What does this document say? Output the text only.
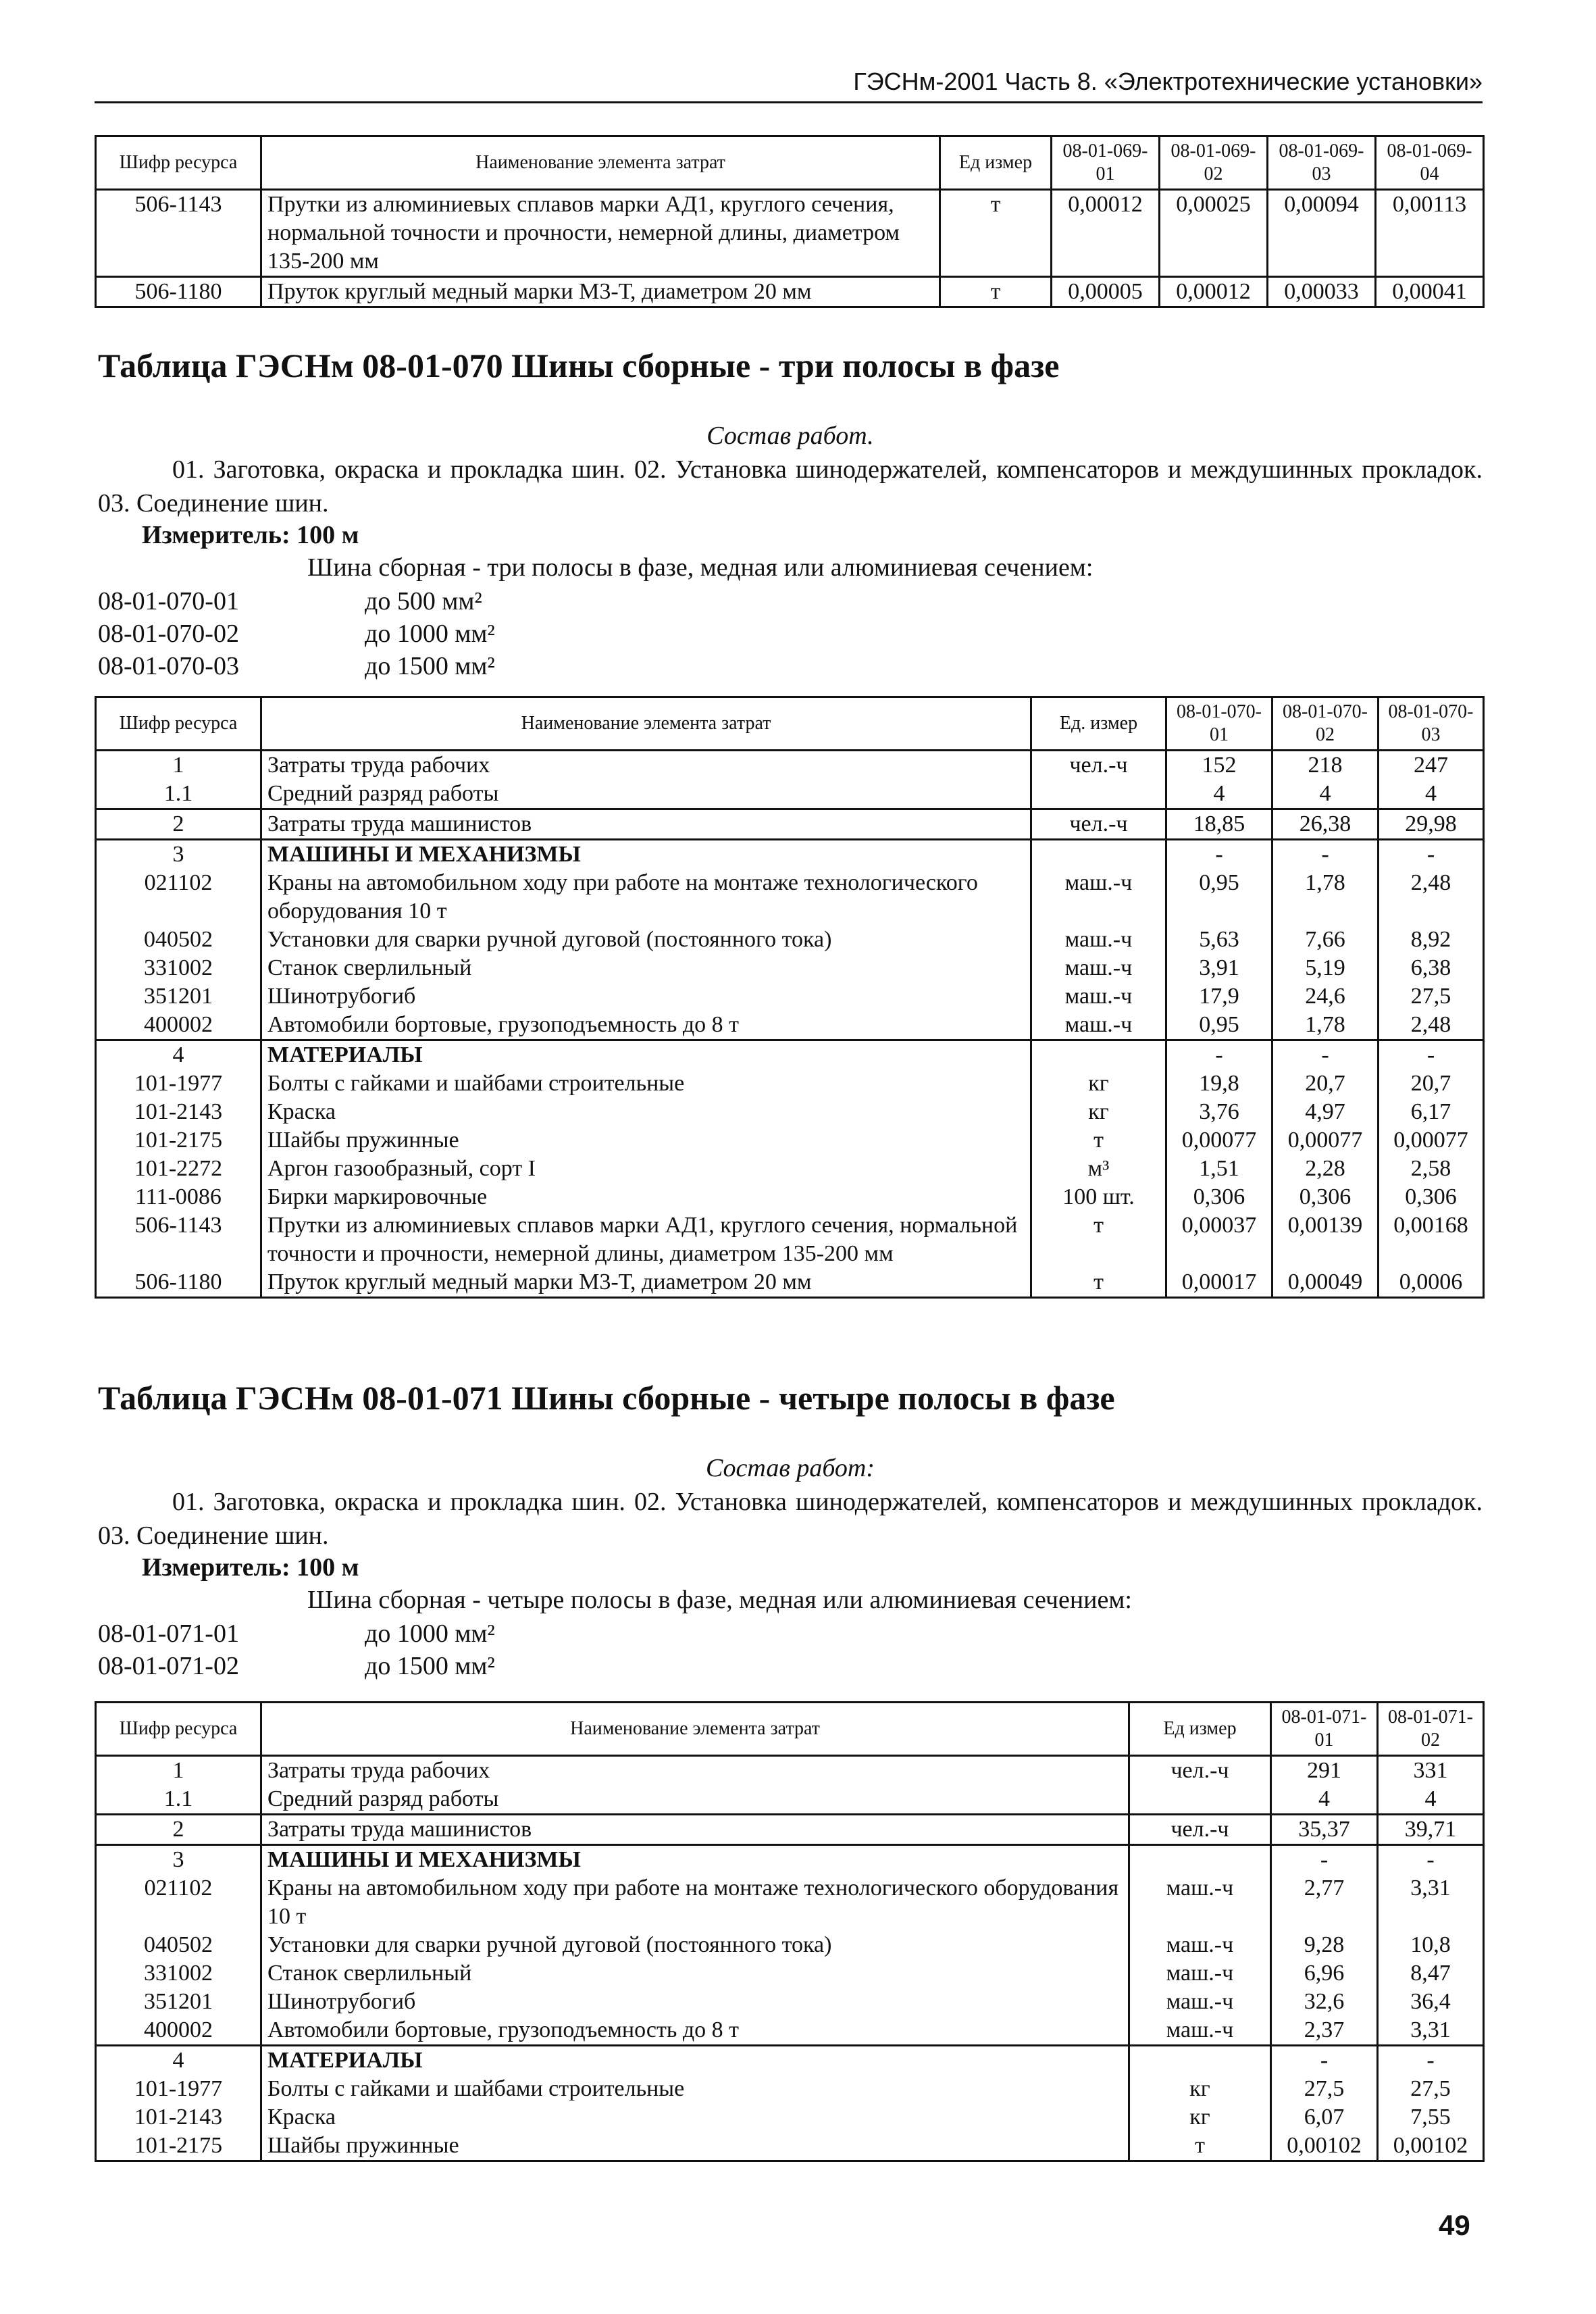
ГЭСНм-2001 Часть 8. «Электротехнические установки»
Шифр ресурса	Наименование элемента затрат	Ед измер	08-01-069-01	08-01-069-02	08-01-069-03	08-01-069-04
506-1143	Прутки из алюминиевых сплавов марки АД1, круглого сечения, нормальной точности и прочности, немерной длины, диаметром 135-200 мм	т	0,00012	0,00025	0,00094	0,00113
506-1180	Пруток круглый медный марки М3-Т, диаметром 20 мм	т	0,00005	0,00012	0,00033	0,00041
Таблица ГЭСНм 08-01-070 Шины сборные - три полосы в фазе
Состав работ.
01. Заготовка, окраска и прокладка шин. 02. Установка шинодержателей, компенсаторов и междушинных прокладок. 03. Соединение шин.
Измеритель: 100 м
Шина сборная - три полосы в фазе, медная или алюминиевая сечением:
08-01-070-01	до 500 мм²
08-01-070-02	до 1000 мм²
08-01-070-03	до 1500 мм²
Шифр ресурса	Наименование элемента затрат	Ед. измер	08-01-070-01	08-01-070-02	08-01-070-03
1	Затраты труда рабочих	чел.-ч	152	218	247
1.1	Средний разряд работы		4	4	4
2	Затраты труда машинистов	чел.-ч	18,85	26,38	29,98
3	МАШИНЫ И МЕХАНИЗМЫ		-	-	-
021102	Краны на автомобильном ходу при работе на монтаже технологического оборудования 10 т	маш.-ч	0,95	1,78	2,48
040502	Установки для сварки ручной дуговой (постоянного тока)	маш.-ч	5,63	7,66	8,92
331002	Станок сверлильный	маш.-ч	3,91	5,19	6,38
351201	Шинотрубогиб	маш.-ч	17,9	24,6	27,5
400002	Автомобили бортовые, грузоподъемность до 8 т	маш.-ч	0,95	1,78	2,48
4	МАТЕРИАЛЫ		-	-	-
101-1977	Болты с гайками и шайбами строительные	кг	19,8	20,7	20,7
101-2143	Краска	кг	3,76	4,97	6,17
101-2175	Шайбы пружинные	т	0,00077	0,00077	0,00077
101-2272	Аргон газообразный, сорт I	м³	1,51	2,28	2,58
111-0086	Бирки маркировочные	100 шт.	0,306	0,306	0,306
506-1143	Прутки из алюминиевых сплавов марки АД1, круглого сечения, нормальной точности и прочности, немерной длины, диаметром 135-200 мм	т	0,00037	0,00139	0,00168
506-1180	Пруток круглый медный марки М3-Т, диаметром 20 мм	т	0,00017	0,00049	0,0006
Таблица ГЭСНм 08-01-071 Шины сборные - четыре полосы в фазе
Состав работ:
01. Заготовка, окраска и прокладка шин. 02. Установка шинодержателей, компенсаторов и междушинных прокладок. 03. Соединение шин.
Измеритель: 100 м
Шина сборная - четыре полосы в фазе, медная или алюминиевая сечением:
08-01-071-01	до 1000 мм²
08-01-071-02	до 1500 мм²
Шифр ресурса	Наименование элемента затрат	Ед измер	08-01-071-01	08-01-071-02
1	Затраты труда рабочих	чел.-ч	291	331
1.1	Средний разряд работы		4	4
2	Затраты труда машинистов	чел.-ч	35,37	39,71
3	МАШИНЫ И МЕХАНИЗМЫ		-	-
021102	Краны на автомобильном ходу при работе на монтаже технологического оборудования 10 т	маш.-ч	2,77	3,31
040502	Установки для сварки ручной дуговой (постоянного тока)	маш.-ч	9,28	10,8
331002	Станок сверлильный	маш.-ч	6,96	8,47
351201	Шинотрубогиб	маш.-ч	32,6	36,4
400002	Автомобили бортовые, грузоподъемность до 8 т	маш.-ч	2,37	3,31
4	МАТЕРИАЛЫ		-	-
101-1977	Болты с гайками и шайбами строительные	кг	27,5	27,5
101-2143	Краска	кг	6,07	7,55
101-2175	Шайбы пружинные	т	0,00102	0,00102
49
